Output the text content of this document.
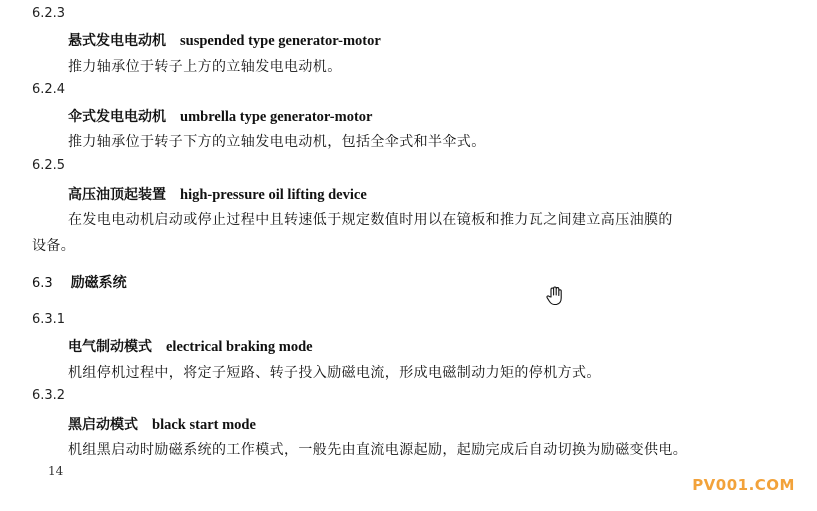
6.2.3
悬式发电电动机 suspended type generator-motor
推力轴承位于转子上方的立轴发电电动机。
6.2.4
伞式发电电动机 umbrella type generator-motor
推力轴承位于转子下方的立轴发电电动机，包括全伞式和半伞式。
6.2.5
高压油顶起装置 high-pressure oil lifting device
在发电电动机启动或停止过程中且转速低于规定数值时用以在镜板和推力瓦之间建立高压油膜的
设备。
6.3 励磁系统
6.3.1
电气制动模式 electrical braking mode
机组停机过程中，将定子短路、转子投入励磁电流，形成电磁制动力矩的停机方式。
6.3.2
黑启动模式 black start mode
机组黑启动时励磁系统的工作模式，一般先由直流电源起励，起励完成后自动切换为励磁变供电。
14
PV001.COM
